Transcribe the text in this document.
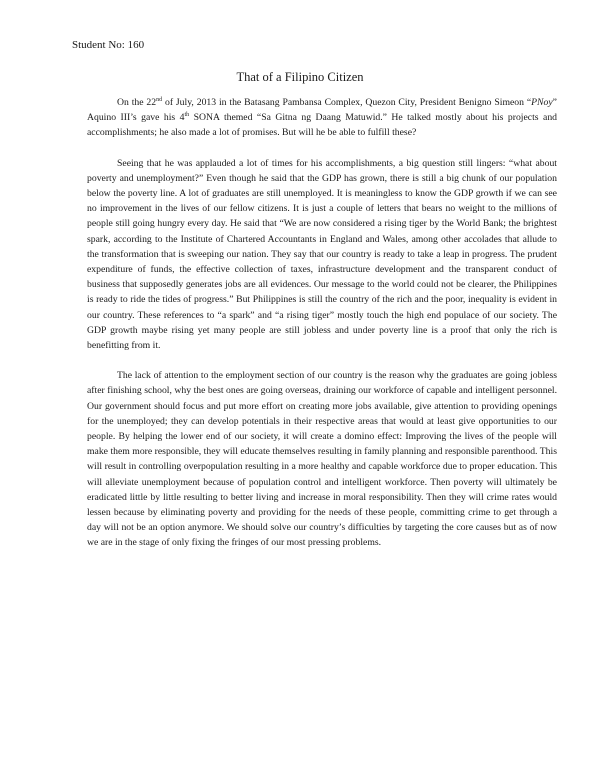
Student No: 160
That of a Filipino Citizen

On the 22nd of July, 2013 in the Batasang Pambansa Complex, Quezon City, President Benigno Simeon “PNoy” Aquino III’s gave his 4th SONA themed “Sa Gitna ng Daang Matuwid.” He talked mostly about his projects and accomplishments; he also made a lot of promises. But will he be able to fulfill these?

Seeing that he was applauded a lot of times for his accomplishments, a big question still lingers: “what about poverty and unemployment?” Even though he said that the GDP has grown, there is still a big chunk of our population below the poverty line. A lot of graduates are still unemployed. It is meaningless to know the GDP growth if we can see no improvement in the lives of our fellow citizens. It is just a couple of letters that bears no weight to the millions of people still going hungry every day. He said that “We are now considered a rising tiger by the World Bank; the brightest spark, according to the Institute of Chartered Accountants in England and Wales, among other accolades that allude to the transformation that is sweeping our nation. They say that our country is ready to take a leap in progress. The prudent expenditure of funds, the effective collection of taxes, infrastructure development and the transparent conduct of business that supposedly generates jobs are all evidences. Our message to the world could not be clearer, the Philippines is ready to ride the tides of progress.” But Philippines is still the country of the rich and the poor, inequality is evident in our country. These references to “a spark” and “a rising tiger” mostly touch the high end populace of our society. The GDP growth maybe rising yet many people are still jobless and under poverty line is a proof that only the rich is benefitting from it.

The lack of attention to the employment section of our country is the reason why the graduates are going jobless after finishing school, why the best ones are going overseas, draining our workforce of capable and intelligent personnel. Our government should focus and put more effort on creating more jobs available, give attention to providing openings for the unemployed; they can develop potentials in their respective areas that would at least give opportunities to our people. By helping the lower end of our society, it will create a domino effect: Improving the lives of the people will make them more responsible, they will educate themselves resulting in family planning and responsible parenthood. This will result in controlling overpopulation resulting in a more healthy and capable workforce due to proper education. This will alleviate unemployment because of population control and intelligent workforce. Then poverty will ultimately be eradicated little by little resulting to better living and increase in moral responsibility. Then they will crime rates would lessen because by eliminating poverty and providing for the needs of these people, committing crime to get through a day will not be an option anymore. We should solve our country’s difficulties by targeting the core causes but as of now we are in the stage of only fixing the fringes of our most pressing problems.
